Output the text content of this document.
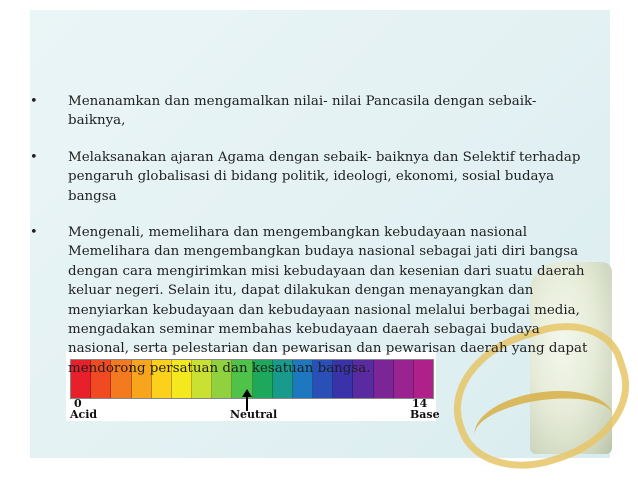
0
Acid	Neutral
14
Base
•	Menanamkan dan mengamalkan nilai- nilai Pancasila dengan sebaik-
baiknya,
•	Melaksanakan ajaran Agama dengan sebaik- baiknya dan Selektif terhadap
pengaruh globalisasi di bidang politik, ideologi, ekonomi, sosial budaya
bangsa
•	Mengenali, memelihara dan mengembangkan kebudayaan nasional
Memelihara dan mengembangkan budaya nasional sebagai jati diri bangsa
dengan cara mengirimkan misi kebudayaan dan kesenian dari suatu daerah
keluar negeri. Selain itu, dapat dilakukan dengan menayangkan dan
menyiarkan kebudayaan dan kebudayaan nasional melalui berbagai media,
mengadakan seminar membahas kebudayaan daerah sebagai budaya
nasional, serta pelestarian dan pewarisan dan pewarisan daerah yang dapat
mendorong persatuan dan kesatuan bangsa.
